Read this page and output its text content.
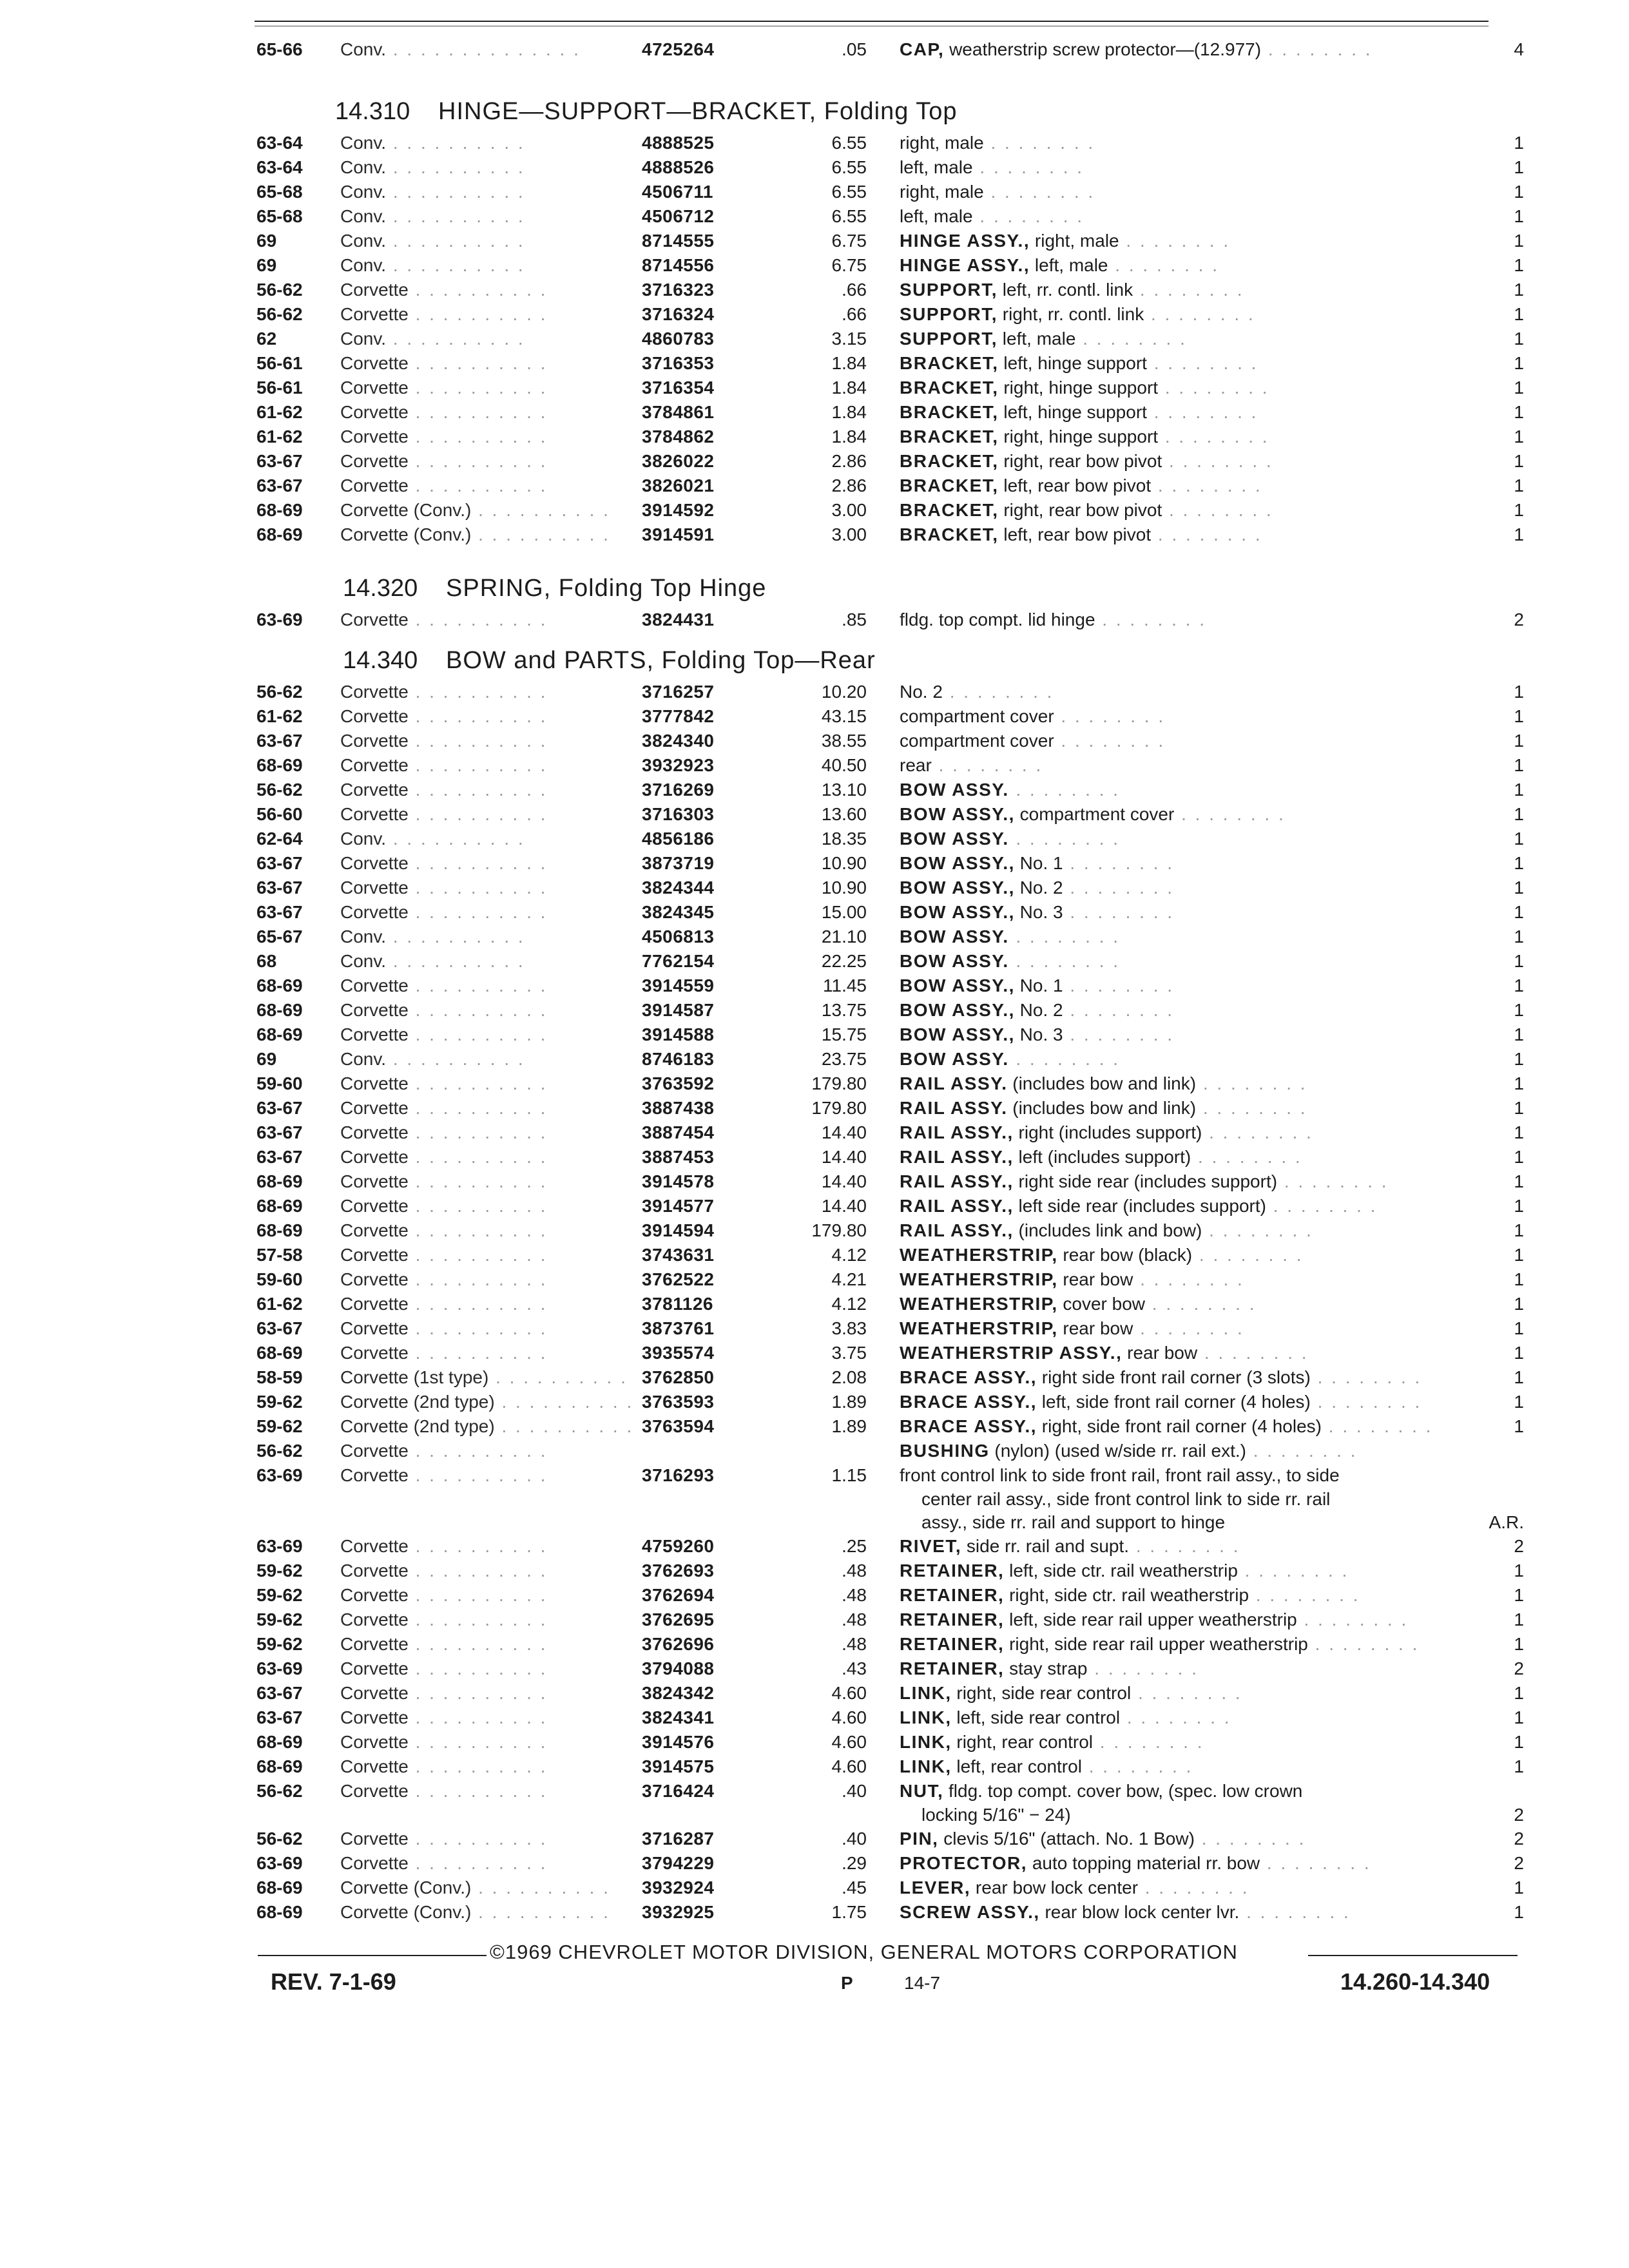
65-66 Conv. . . . . . . . . . . . . . .	4725264	.05 CAP, weatherstrip screw protector—(12.977) . . . . . . . .	4
14.310 HINGE—SUPPORT—BRACKET, Folding Top
63-64 Conv. . . . . . . . . . .	4888525	6.55 right, male . . . . . . . .	1
63-64 Conv. . . . . . . . . . .	4888526	6.55 left, male . . . . . . . .	1
65-68 Conv. . . . . . . . . . .	4506711	6.55 right, male . . . . . . . .	1
65-68 Conv. . . . . . . . . . .	4506712	6.55 left, male . . . . . . . .	1
69	Conv. . . . . . . . . . .	8714555	6.75 HINGE ASSY., right, male . . . . . . . .	1
69	Conv. . . . . . . . . . .	8714556	6.75 HINGE ASSY., left, male . . . . . . . .	1
56-62 Corvette . . . . . . . . . .	3716323	.66 SUPPORT, left, rr. contl. link . . . . . . . .	1
56-62 Corvette . . . . . . . . . .	3716324	.66 SUPPORT, right, rr. contl. link . . . . . . . .	1
62	Conv. . . . . . . . . . .	4860783	3.15 SUPPORT, left, male . . . . . . . .	1
56-61 Corvette . . . . . . . . . .	3716353	1.84 BRACKET, left, hinge support . . . . . . . .	1
56-61 Corvette . . . . . . . . . .	3716354	1.84 BRACKET, right, hinge support . . . . . . . .	1
61-62 Corvette . . . . . . . . . .	3784861	1.84 BRACKET, left, hinge support . . . . . . . .	1
61-62 Corvette . . . . . . . . . .	3784862	1.84 BRACKET, right, hinge support . . . . . . . .	1
63-67 Corvette . . . . . . . . . .	3826022	2.86 BRACKET, right, rear bow pivot . . . . . . . .	1
63-67 Corvette . . . . . . . . . .	3826021	2.86 BRACKET, left, rear bow pivot . . . . . . . .	1
68-69 Corvette (Conv.) . . . . . . . . . . 3914592	3.00 BRACKET, right, rear bow pivot . . . . . . . .	1
68-69 Corvette (Conv.) . . . . . . . . . . 3914591	3.00 BRACKET, left, rear bow pivot . . . . . . . .	1
14.320 SPRING, Folding Top Hinge
63-69 Corvette . . . . . . . . . .	3824431	.85 fldg. top compt. lid hinge . . . . . . . .	2
14.340 BOW and PARTS, Folding Top—Rear
56-62 Corvette . . . . . . . . . .	3716257	10.20 No. 2 . . . . . . . .	1
61-62 Corvette . . . . . . . . . .	3777842	43.15 compartment cover . . . . . . . .	1
63-67 Corvette . . . . . . . . . .	3824340	38.55 compartment cover . . . . . . . .	1
68-69 Corvette . . . . . . . . . .	3932923	40.50 rear . . . . . . . .	1
56-62 Corvette . . . . . . . . . .	3716269	13.10 BOW ASSY. . . . . . . . .	1
56-60 Corvette . . . . . . . . . .	3716303	13.60 BOW ASSY., compartment cover . . . . . . . .	1
62-64 Conv. . . . . . . . . . .	4856186	18.35 BOW ASSY. . . . . . . . .	1
63-67 Corvette . . . . . . . . . .	3873719	10.90 BOW ASSY., No. 1 . . . . . . . .	1
63-67 Corvette . . . . . . . . . .	3824344	10.90 BOW ASSY., No. 2 . . . . . . . .	1
63-67 Corvette . . . . . . . . . .	3824345	15.00 BOW ASSY., No. 3 . . . . . . . .	1
65-67 Conv. . . . . . . . . . .	4506813	21.10 BOW ASSY. . . . . . . . .	1
68	Conv. . . . . . . . . . .	7762154	22.25 BOW ASSY. . . . . . . . .	1
68-69 Corvette . . . . . . . . . .	3914559	11.45 BOW ASSY., No. 1 . . . . . . . .	1
68-69 Corvette . . . . . . . . . .	3914587	13.75 BOW ASSY., No. 2 . . . . . . . .	1
68-69 Corvette . . . . . . . . . .	3914588	15.75 BOW ASSY., No. 3 . . . . . . . .	1
69	Conv. . . . . . . . . . .	8746183	23.75 BOW ASSY. . . . . . . . .	1
59-60 Corvette . . . . . . . . . .	3763592	179.80 RAIL ASSY. (includes bow and link) . . . . . . . .	1
63-67 Corvette . . . . . . . . . .	3887438	179.80 RAIL ASSY. (includes bow and link) . . . . . . . .	1
63-67 Corvette . . . . . . . . . .	3887454	14.40 RAIL ASSY., right (includes support) . . . . . . . .	1
63-67 Corvette . . . . . . . . . .	3887453	14.40 RAIL ASSY., left (includes support) . . . . . . . .	1
68-69 Corvette . . . . . . . . . .	3914578	14.40 RAIL ASSY., right side rear (includes support) . . . . . . . .	1
68-69 Corvette . . . . . . . . . .	3914577	14.40 RAIL ASSY., left side rear (includes support) . . . . . . . .	1
68-69 Corvette . . . . . . . . . .	3914594	179.80 RAIL ASSY., (includes link and bow) . . . . . . . .	1
57-58 Corvette . . . . . . . . . .	3743631	4.12 WEATHERSTRIP, rear bow (black) . . . . . . . .	1
59-60 Corvette . . . . . . . . . .	3762522	4.21 WEATHERSTRIP, rear bow . . . . . . . .	1
61-62 Corvette . . . . . . . . . .	3781126	4.12 WEATHERSTRIP, cover bow . . . . . . . .	1
63-67 Corvette . . . . . . . . . .	3873761	3.83 WEATHERSTRIP, rear bow . . . . . . . .	1
68-69 Corvette . . . . . . . . . .	3935574	3.75 WEATHERSTRIP ASSY., rear bow . . . . . . . .	1
58-59 Corvette (1st type) . . . . . . . . . . 3762850	2.08 BRACE ASSY., right side front rail corner (3 slots) . . . . . . . .	1
59-62 Corvette (2nd type) . . . . . . . . . . 3763593	1.89 BRACE ASSY., left, side front rail corner (4 holes) . . . . . . . .	1
59-62 Corvette (2nd type) . . . . . . . . . . 3763594	1.89 BRACE ASSY., right, side front rail corner (4 holes) . . . . . . . .	1
56-62 Corvette . . . . . . . . . .	BUSHING (nylon) (used w/side rr. rail ext.) . . . . . . . .
63-69 Corvette . . . . . . . . . .	3716293	1.15 front control link to side front rail, front rail assy., to side
center rail assy., side front control link to side rr. rail
assy., side rr. rail and support to hinge	A.R.
63-69 Corvette . . . . . . . . . .	4759260	.25 RIVET, side rr. rail and supt. . . . . . . . .	2
59-62 Corvette . . . . . . . . . .	3762693	.48 RETAINER, left, side ctr. rail weatherstrip . . . . . . . .	1
59-62 Corvette . . . . . . . . . .	3762694	.48 RETAINER, right, side ctr. rail weatherstrip . . . . . . . .	1
59-62 Corvette . . . . . . . . . .	3762695	.48 RETAINER, left, side rear rail upper weatherstrip . . . . . . . .	1
59-62 Corvette . . . . . . . . . .	3762696	.48 RETAINER, right, side rear rail upper weatherstrip . . . . . . . .	1
63-69 Corvette . . . . . . . . . .	3794088	.43 RETAINER, stay strap . . . . . . . .	2
63-67 Corvette . . . . . . . . . .	3824342	4.60 LINK, right, side rear control . . . . . . . .	1
63-67 Corvette . . . . . . . . . .	3824341	4.60 LINK, left, side rear control . . . . . . . .	1
68-69 Corvette . . . . . . . . . .	3914576	4.60 LINK, right, rear control . . . . . . . .	1
68-69 Corvette . . . . . . . . . .	3914575	4.60 LINK, left, rear control . . . . . . . .	1
56-62 Corvette . . . . . . . . . .	3716424	.40 NUT, fldg. top compt. cover bow, (spec. low crown
locking 5/16" − 24)	2
56-62 Corvette . . . . . . . . . .	3716287	.40 PIN, clevis 5/16" (attach. No. 1 Bow) . . . . . . . .	2
63-69 Corvette . . . . . . . . . .	3794229	.29 PROTECTOR, auto topping material rr. bow . . . . . . . .	2
68-69 Corvette (Conv.) . . . . . . . . . . 3932924	.45 LEVER, rear bow lock center . . . . . . . .	1
68-69 Corvette (Conv.) . . . . . . . . . . 3932925	1.75 SCREW ASSY., rear blow lock center lvr. . . . . . . . .	1
©1969 CHEVROLET MOTOR DIVISION, GENERAL MOTORS CORPORATION
REV. 7-1-69	P	14-7	14.260-14.340
